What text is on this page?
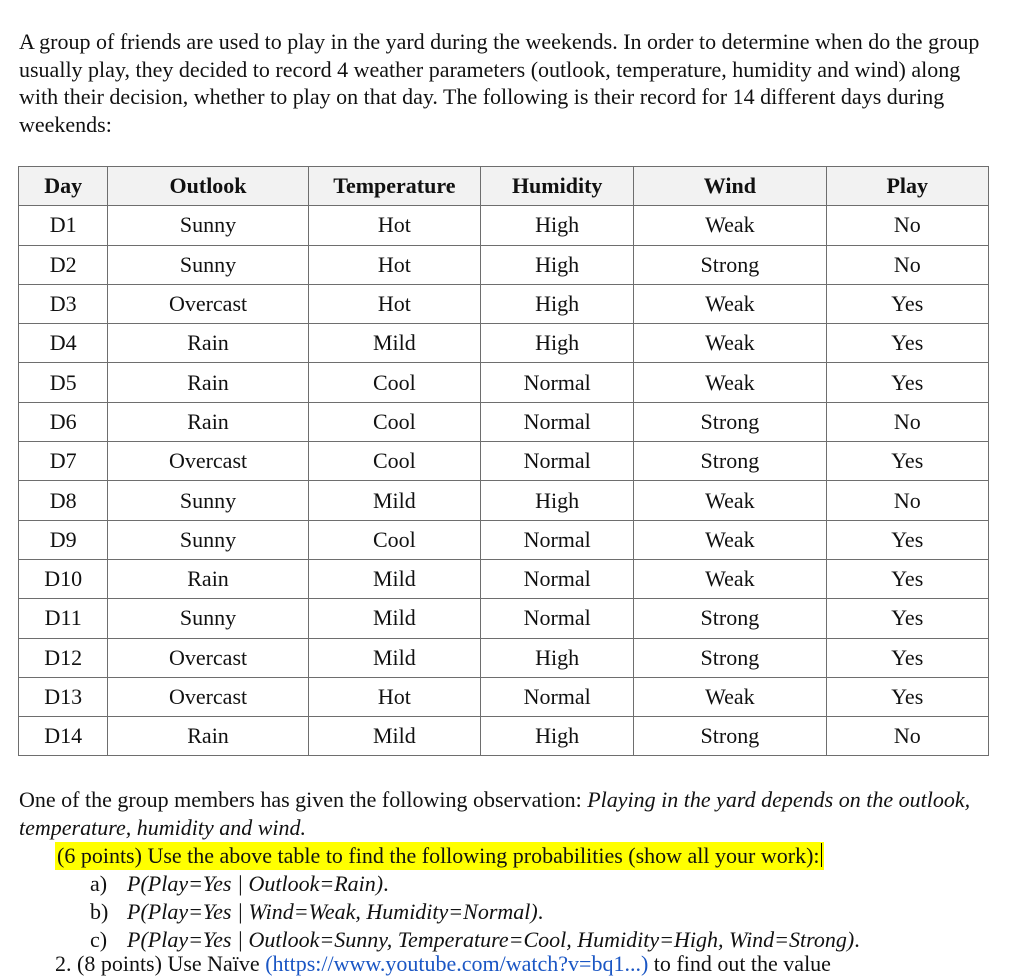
A group of friends are used to play in the yard during the weekends. In order to determine when do the group usually play, they decided to record 4 weather parameters (outlook, temperature, humidity and wind) along with their decision, whether to play on that day. The following is their record for 14 different days during weekends:

Day	Outlook	Temperature	Humidity	Wind	Play
D1	Sunny	Hot	High	Weak	No
D2	Sunny	Hot	High	Strong	No
D3	Overcast	Hot	High	Weak	Yes
D4	Rain	Mild	High	Weak	Yes
D5	Rain	Cool	Normal	Weak	Yes
D6	Rain	Cool	Normal	Strong	No
D7	Overcast	Cool	Normal	Strong	Yes
D8	Sunny	Mild	High	Weak	No
D9	Sunny	Cool	Normal	Weak	Yes
D10	Rain	Mild	Normal	Weak	Yes
D11	Sunny	Mild	Normal	Strong	Yes
D12	Overcast	Mild	High	Strong	Yes
D13	Overcast	Hot	Normal	Weak	Yes
D14	Rain	Mild	High	Strong	No

One of the group members has given the following observation: Playing in the yard depends on the outlook, temperature, humidity and wind.

(6 points) Use the above table to find the following probabilities (show all your work):

a) P(Play=Yes | Outlook=Rain).
b) P(Play=Yes | Wind=Weak, Humidity=Normal).
c) P(Play=Yes | Outlook=Sunny, Temperature=Cool, Humidity=High, Wind=Strong).
2. (8 points) Use Naïve (https://www.youtube.com/watch?v=bq1...) to find out the value
